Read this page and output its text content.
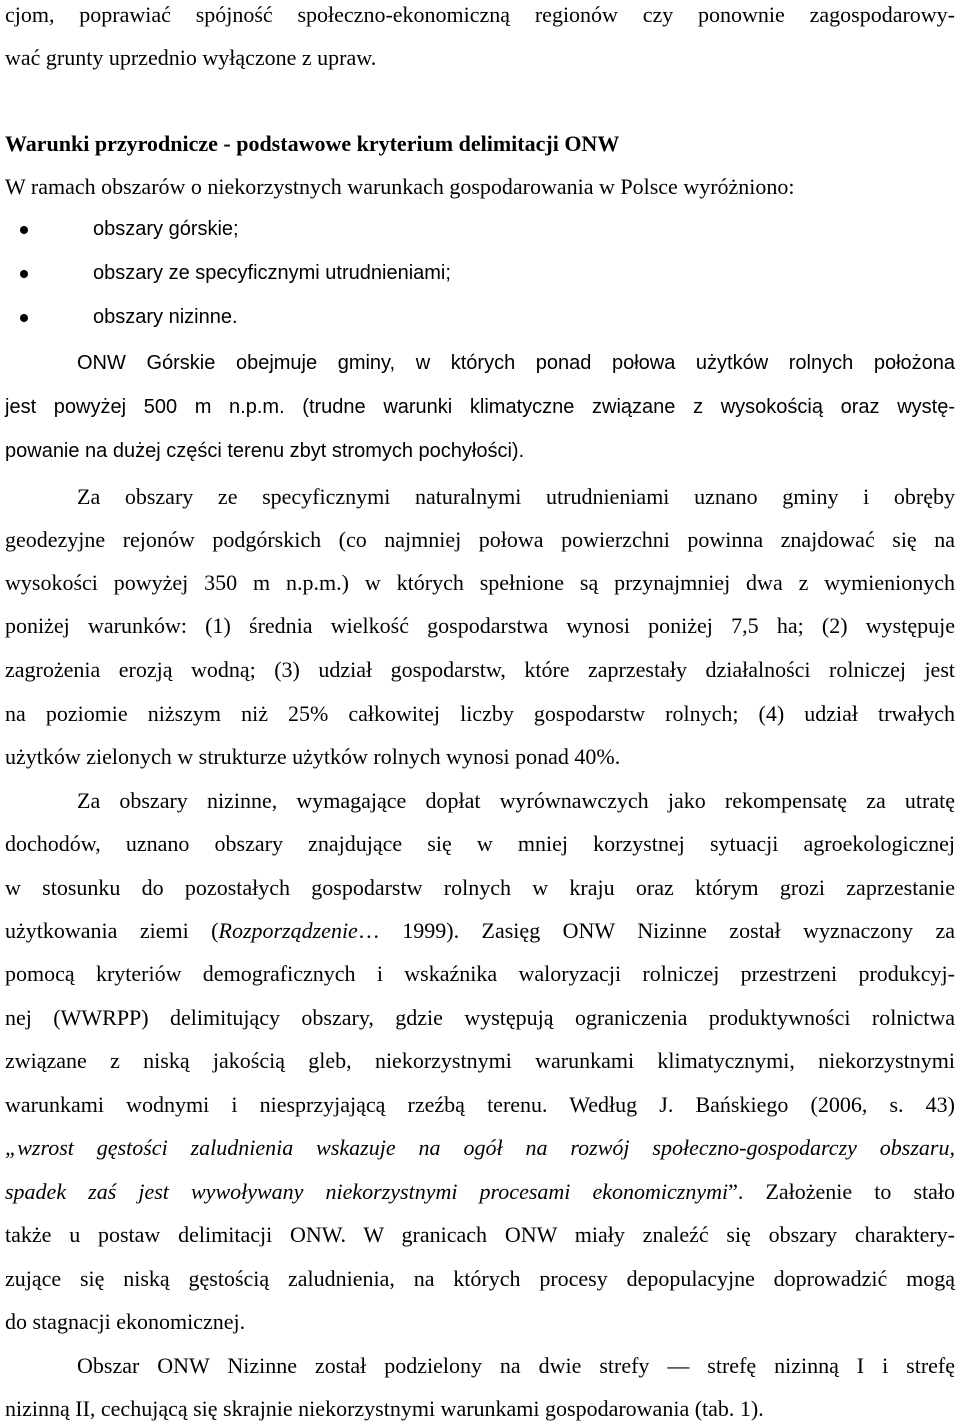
cjom, poprawiać spójność społeczno-ekonomiczną regionów czy ponownie zagospodarowy-
wać grunty uprzednio wyłączone z upraw.
Warunki przyrodnicze - podstawowe kryterium delimitacji ONW
W ramach obszarów o niekorzystnych warunkach gospodarowania w Polsce wyróżniono:
obszary górskie;
obszary ze specyficznymi utrudnieniami;
obszary nizinne.
ONW Górskie obejmuje gminy, w których ponad połowa użytków rolnych położona
jest powyżej 500 m n.p.m. (trudne warunki klimatyczne związane z wysokością oraz wystę-
powanie na dużej części terenu zbyt stromych pochyłości).
Za obszary ze specyficznymi naturalnymi utrudnieniami uznano gminy i obręby
geodezyjne rejonów podgórskich (co najmniej połowa powierzchni powinna znajdować się na
wysokości powyżej 350 m n.p.m.) w których spełnione są przynajmniej dwa z wymienionych
poniżej warunków: (1) średnia wielkość gospodarstwa wynosi poniżej 7,5 ha; (2) występuje
zagrożenia erozją wodną; (3) udział gospodarstw, które zaprzestały działalności rolniczej jest
na poziomie niższym niż 25% całkowitej liczby gospodarstw rolnych; (4) udział trwałych
użytków zielonych w strukturze użytków rolnych wynosi ponad 40%.
Za obszary nizinne, wymagające dopłat wyrównawczych jako rekompensatę za utratę
dochodów, uznano obszary znajdujące się w mniej korzystnej sytuacji agroekologicznej
w stosunku do pozostałych gospodarstw rolnych w kraju oraz którym grozi zaprzestanie
użytkowania ziemi (Rozporządzenie… 1999). Zasięg ONW Nizinne został wyznaczony za
pomocą kryteriów demograficznych i wskaźnika waloryzacji rolniczej przestrzeni produkcyj-
nej (WWRPP) delimitujący obszary, gdzie występują ograniczenia produktywności rolnictwa
związane z niską jakością gleb, niekorzystnymi warunkami klimatycznymi, niekorzystnymi
warunkami wodnymi i niesprzyjającą rzeźbą terenu. Według J. Bańskiego (2006, s. 43)
„wzrost gęstości zaludnienia wskazuje na ogół na rozwój społeczno-gospodarczy obszaru,
spadek zaś jest wywoływany niekorzystnymi procesami ekonomicznymi”. Założenie to stało
także u postaw delimitacji ONW. W granicach ONW miały znaleźć się obszary charaktery-
zujące się niską gęstością zaludnienia, na których procesy depopulacyjne doprowadzić mogą
do stagnacji ekonomicznej.
Obszar ONW Nizinne został podzielony na dwie strefy — strefę nizinną I i strefę
nizinną II, cechującą się skrajnie niekorzystnymi warunkami gospodarowania (tab. 1).
